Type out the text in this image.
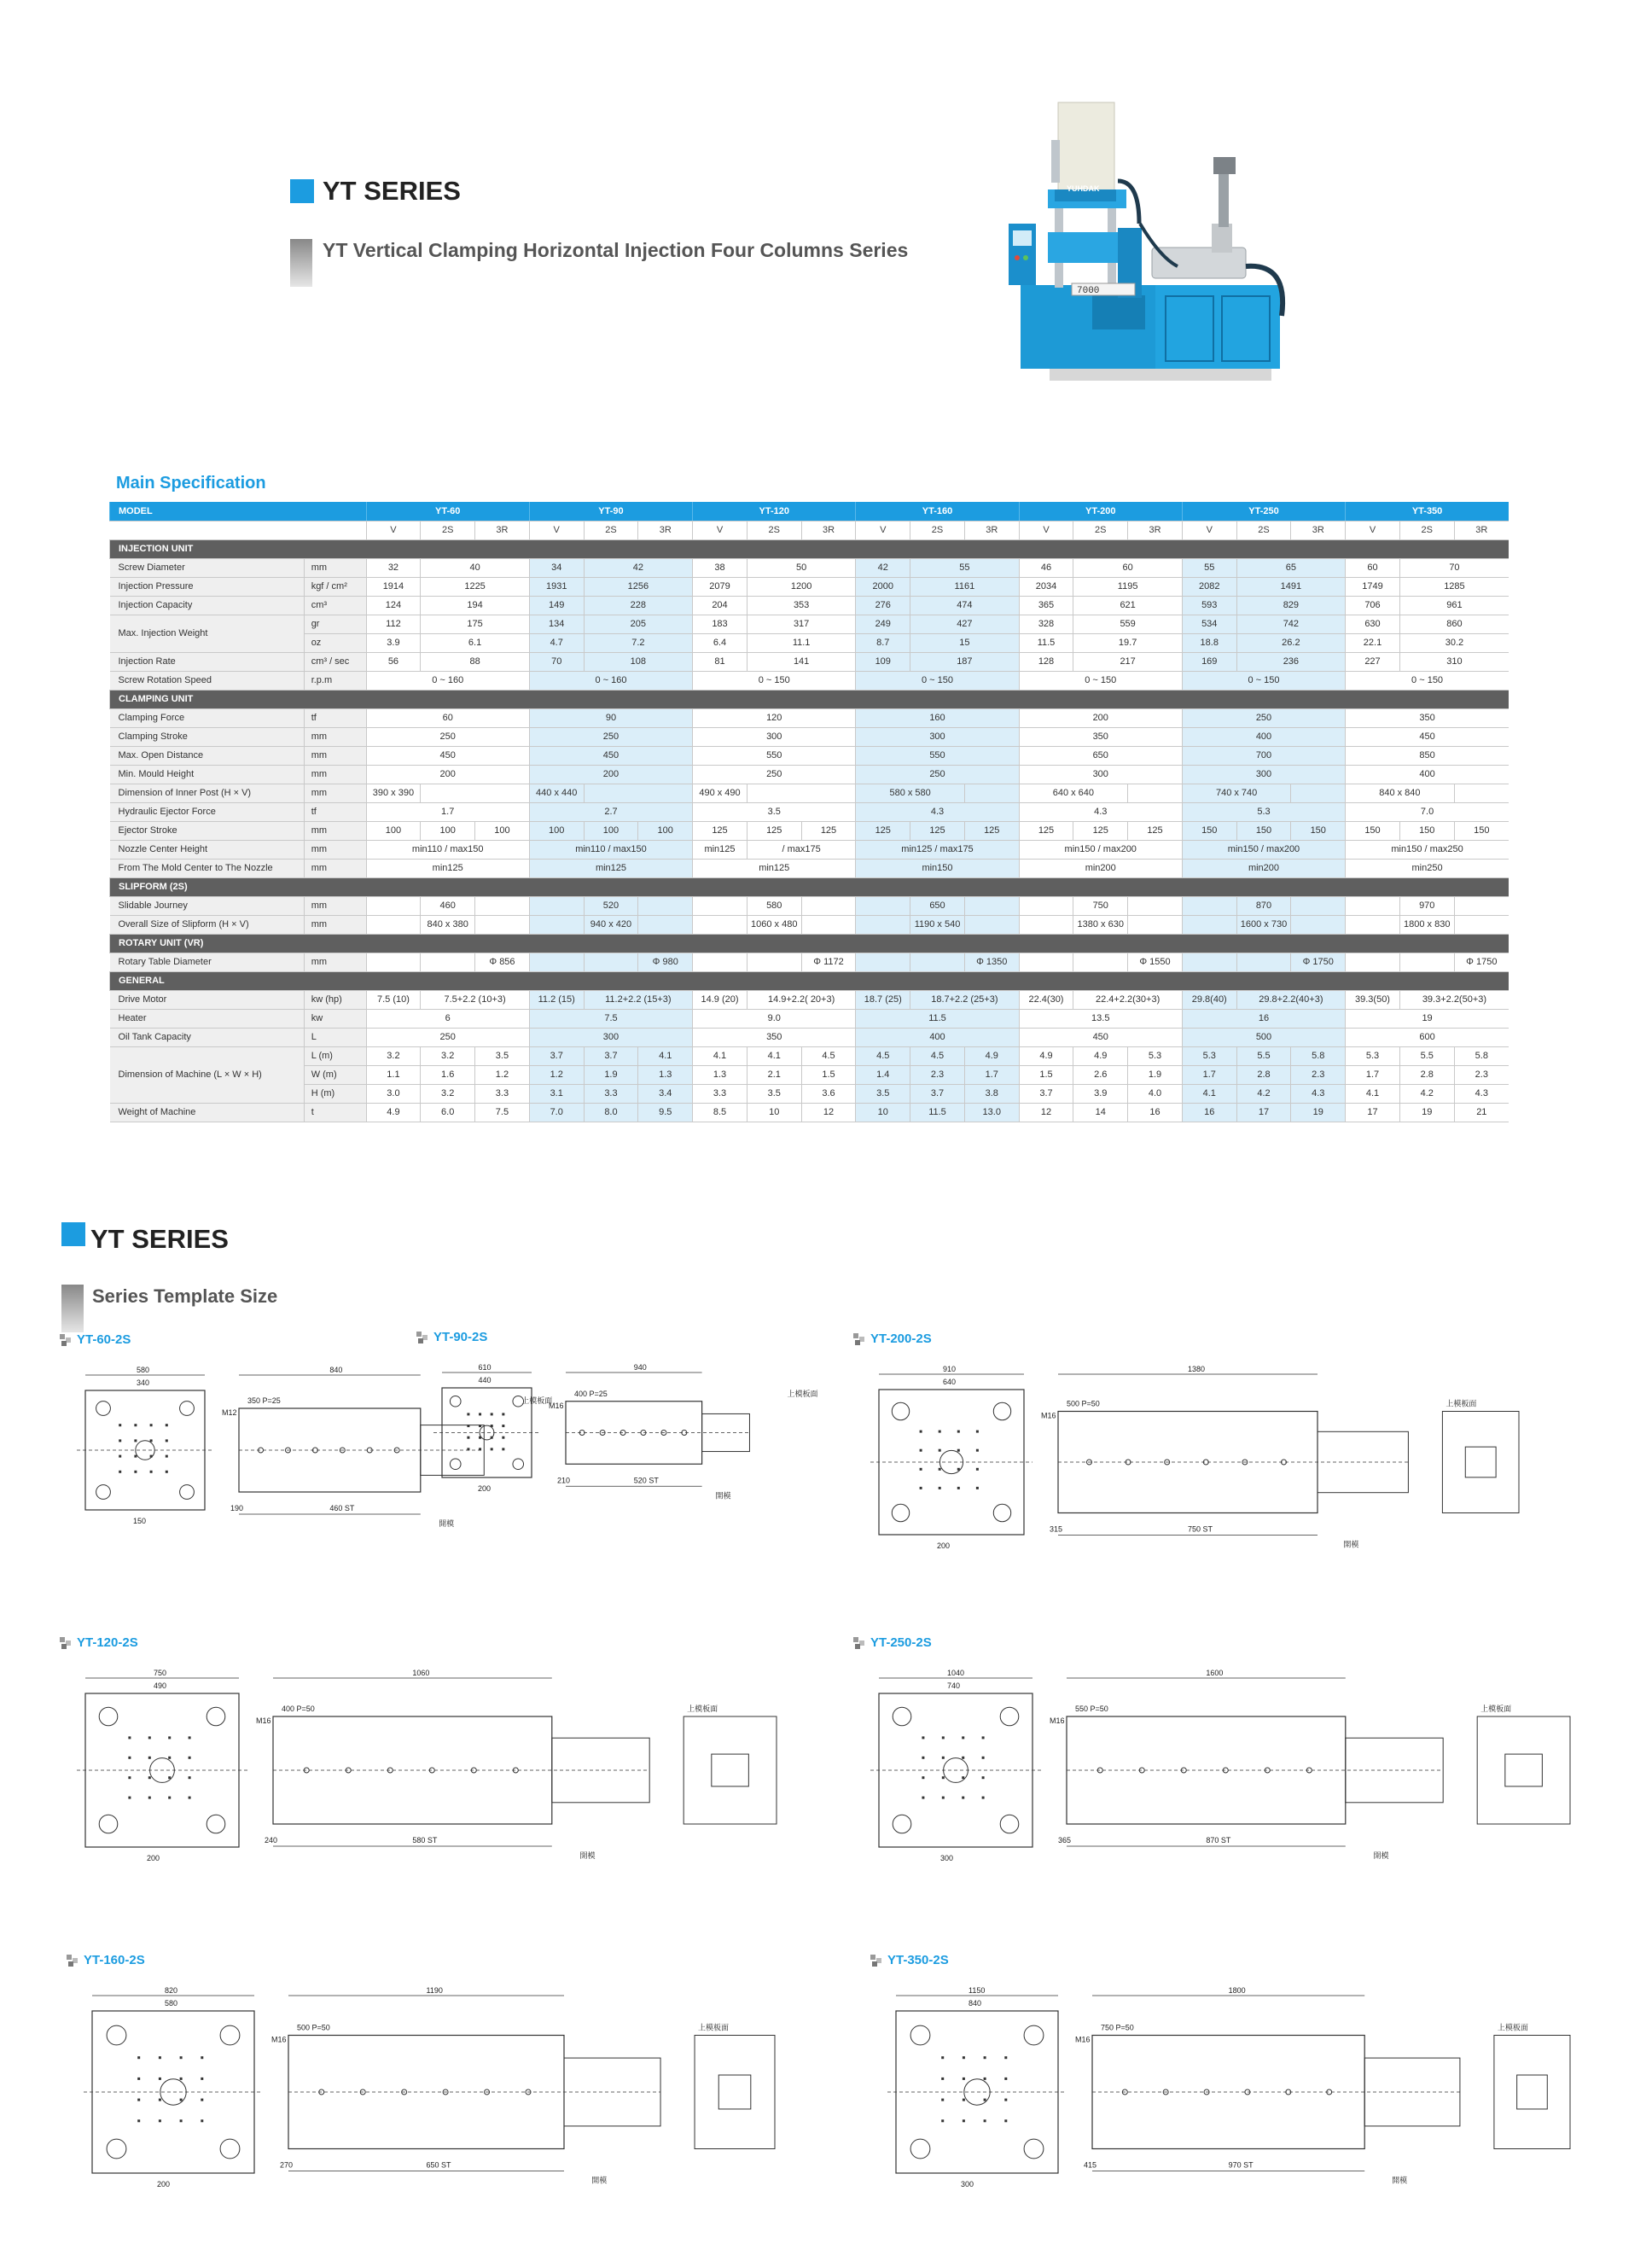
YT SERIES
YT Vertical Clamping Horizontal Injection Four Columns Series
YUHDAK
7000
Main Specification
MODEL		YT-60			YT-90			YT-120			YT-160			YT-200			YT-250			YT-350		
		V	2S	3R	V	2S	3R	V	2S	3R	V	2S	3R	V	2S	3R	V	2S	3R	V	2S	3R
INJECTION UNIT																						
Screw Diameter	mm	32	40		34	42		38	50		42	55		46	60		55	65		60	70	
Injection Pressure	kgf / cm²	1914	1225		1931	1256		2079	1200		2000	1161		2034	1195		2082	1491		1749	1285	
Injection Capacity	cm³	124	194		149	228		204	353		276	474		365	621		593	829		706	961	
Max. Injection Weight	gr	112	175		134	205		183	317		249	427		328	559		534	742		630	860	
	oz	3.9	6.1		4.7	7.2		6.4	11.1		8.7	15		11.5	19.7		18.8	26.2		22.1	30.2	
Injection Rate	cm³ / sec	56	88		70	108		81	141		109	187		128	217		169	236		227	310	
Screw Rotation Speed	r.p.m	0 ~ 160			0 ~ 160			0 ~ 150			0 ~ 150			0 ~ 150			0 ~ 150			0 ~ 150		
CLAMPING UNIT																						
Clamping Force	tf	60			90			120			160			200			250			350		
Clamping Stroke	mm	250			250			300			300			350			400			450		
Max. Open Distance	mm	450			450			550			550			650			700			850		
Min. Mould Height	mm	200			200			250			250			300			300			400		
Dimension of Inner Post (H × V)	mm	390 x 390			440 x 440			490 x 490			580 x 580			640 x 640			740 x 740			840 x 840		
Hydraulic Ejector Force	tf	1.7			2.7			3.5			4.3			4.3			5.3			7.0		
Ejector Stroke	mm	100	100	100	100	100	100	125	125	125	125	125	125	125	125	125	150	150	150	150	150	150
Nozzle Center Height	mm	min110 / max150			min110 / max150			min125	/ max175		min125 / max175			min150 / max200			min150 / max200			min150 / max250		
From The Mold Center to The Nozzle	mm	min125			min125			min125			min150			min200			min200			min250		
SLIPFORM (2S)																						
Slidable Journey	mm		460			520			580			650			750			870			970	
Overall Size of Slipform (H × V)	mm		840 x 380			940 x 420			1060 x 480			1190 x 540			1380 x 630			1600 x 730			1800 x 830	
ROTARY UNIT (VR)																						
Rotary Table Diameter	mm			Φ 856			Φ 980			Φ 1172			Φ 1350			Φ 1550			Φ 1750			Φ 1750
GENERAL																						
Drive Motor	kw (hp)	7.5 (10)	7.5+2.2 (10+3)		11.2 (15)	11.2+2.2 (15+3)		14.9 (20)	14.9+2.2( 20+3)		18.7 (25)	18.7+2.2 (25+3)		22.4(30)	22.4+2.2(30+3)		29.8(40)	29.8+2.2(40+3)		39.3(50)	39.3+2.2(50+3)	
Heater	kw	6			7.5			9.0			11.5			13.5			16			19		
Oil Tank Capacity	L	250			300			350			400			450			500			600		
Dimension of Machine (L × W × H)	L (m)	3.2	3.2	3.5	3.7	3.7	4.1	4.1	4.1	4.5	4.5	4.5	4.9	4.9	4.9	5.3	5.3	5.5	5.8	5.3	5.5	5.8
	W (m)	1.1	1.6	1.2	1.2	1.9	1.3	1.3	2.1	1.5	1.4	2.3	1.7	1.5	2.6	1.9	1.7	2.8	2.3	1.7	2.8	2.3
	H (m)	3.0	3.2	3.3	3.1	3.3	3.4	3.3	3.5	3.6	3.5	3.7	3.8	3.7	3.9	4.0	4.1	4.2	4.3	4.1	4.2	4.3
Weight of Machine	t	4.9	6.0	7.5	7.0	8.0	9.5	8.5	10	12	10	11.5	13.0	12	14	16	16	17	19	17	19	21
YT SERIES
Series Template Size
YT-60-2S
580
340
150
350 P=25
M12
840
460 ST
190
上模板面
開模
YT-90-2S
610
440
200
400 P=25
M16
940
520 ST
210
上模板面
開模
YT-200-2S
910
640
200
500 P=50
M16
1380
750 ST
315
上模板面
開模
YT-120-2S
750
490
200
400 P=50
M16
1060
580 ST
240
上模板面
開模
YT-250-2S
1040
740
300
550 P=50
M16
1600
870 ST
365
上模板面
開模
YT-160-2S
820
580
200
500 P=50
M16
1190
650 ST
270
上模板面
開模
YT-350-2S
1150
840
300
750 P=50
M16
1800
970 ST
415
上模板面
開模
